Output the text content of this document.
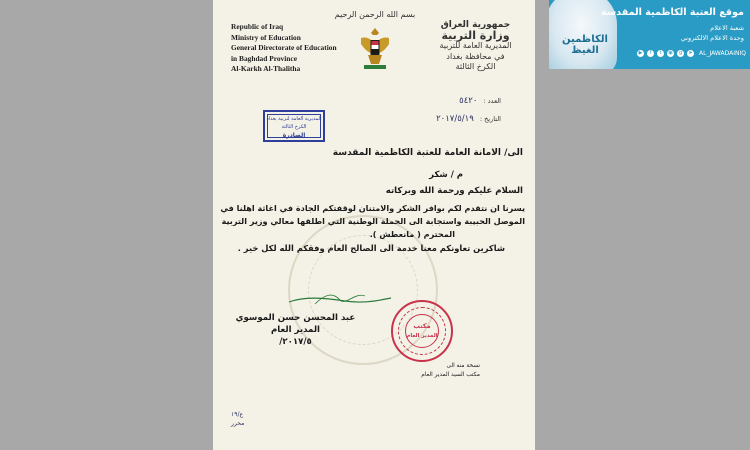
بسم الله الرحمن الرحيم
Republic of Iraq
Ministry of Education
General Directorate of Education
in Baghdad Province
Al-Karkh Al-Thalitha
جمهورية العراق
وزارة التربية
المديرية العامة للتربية
في محافظة بغداد
الكرخ الثالثة
العدد : ٥٤٢٠
التاريخ : ٢٠١٧/٥/١٩
المديرية العامة لتربية بغداد
الكرخ الثالثة
الصادرة
الى/ الامانة العامة للعتبة الكاظمية المقدسة
م / شكر
السلام عليكم ورحمة الله وبركاته
يسرنا ان نتقدم لكم بوافر الشكر والامتنان لوقفتكم الجادة في اغاثة اهلنا في
الموصل الحبيبة واستجابة الى الحملة الوطنية التي اطلقها معالي وزير التربية
المحترم ( مانعطش ).
شاكرين تعاونكم معنا خدمة الى الصالح العام وفقكم الله لكل خير .
عبد المحسن حسن الموسوي
المدير العام
٢٠١٧/٥/
مكتب
المدير العام
نسخة منه الى
مكتب السيد المدير العام
ع/١٩
محرر
الكاظمين الغيظ
موقع العتبة الكاظمية المقدسة
شعبة الاعلام
وحدة الاعلام الالكتروني
▶	f	t	◉	g	➤ AL_JAWADAINIQ
